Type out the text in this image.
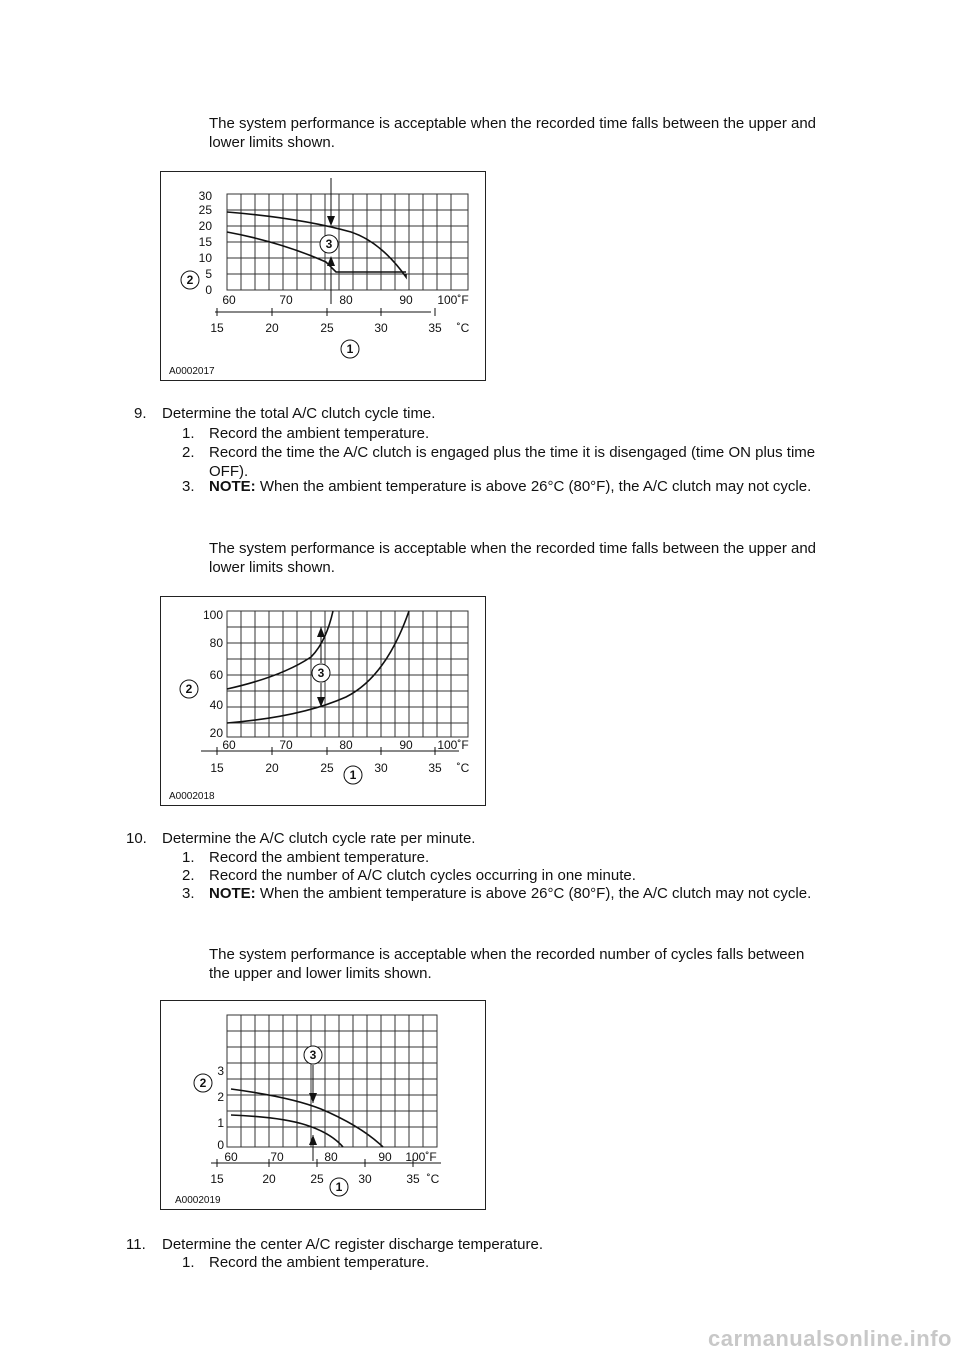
The system performance is acceptable when the recorded time falls between the upper and lower limits shown.

0
5
10
15
20
25
30
60	70	80	90 100˚F
15	20	25	30	35 ˚C
1
2
3
A0002017
9. Determine the total A/C clutch cycle time.

1. Record the ambient temperature.

2. Record the time the A/C clutch is engaged plus the time it is disengaged (time ON plus time OFF).

3. NOTE: When the ambient temperature is above 26°C (80°F), the A/C clutch may not cycle.

The system performance is acceptable when the recorded time falls between the upper and lower limits shown.

20
40
60
80
100
60	70	80	90 100˚F
15	20	25	30	35 ˚C
1
2
3
A0002018
10. Determine the A/C clutch cycle rate per minute.

1. Record the ambient temperature.

2. Record the number of A/C clutch cycles occurring in one minute.

3. NOTE: When the ambient temperature is above 26°C (80°F), the A/C clutch may not cycle.

The system performance is acceptable when the recorded number of cycles falls between the upper and lower limits shown.

0
1
2
3
60	70	80	90 100˚F
15	20	25	30	35 ˚C
1
2
3
A0002019
11. Determine the center A/C register discharge temperature.

1. Record the ambient temperature.

carmanualsonline.info
